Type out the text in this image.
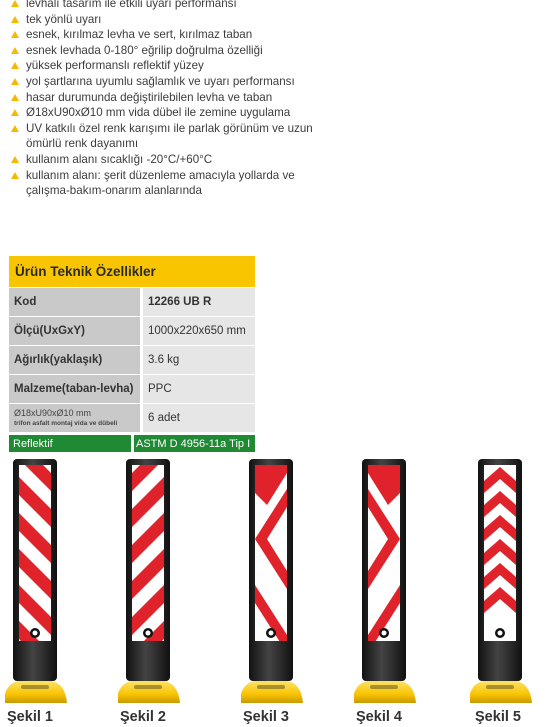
levhalı tasarım ile etkili uyarı performansı
tek yönlü uyarı
esnek, kırılmaz levha ve sert, kırılmaz taban
esnek levhada 0-180° eğrilip doğrulma özelliği
yüksek performanslı reflektif yüzey
yol şartlarına uyumlu sağlamlık ve uyarı performansı
hasar durumunda değiştirilebilen levha ve taban
Ø18xU90xØ10 mm vida dübel ile zemine uygulama
UV katkılı özel renk karışımı ile parlak görünüm ve uzun ömürlü renk dayanımı
kullanım alanı sıcaklığı -20°C/+60°C
kullanım alanı: şerit düzenleme amacıyla yollarda ve çalışma-bakım-onarım alanlarında
Ürün Teknik Özellikler
Kod	12266 UB R
Ölçü(UxGxY)	1000x220x650 mm
Ağırlık(yaklaşık)	3.6 kg
Malzeme(taban-levha)	PPC
Ø18xU90xØ10 mm
trifon asfalt montaj vida ve dübeli	6 adet
Reflektif	ASTM D 4956-11a Tip I
Şekil 1	Şekil 2	Şekil 3	Şekil 4	Şekil 5
